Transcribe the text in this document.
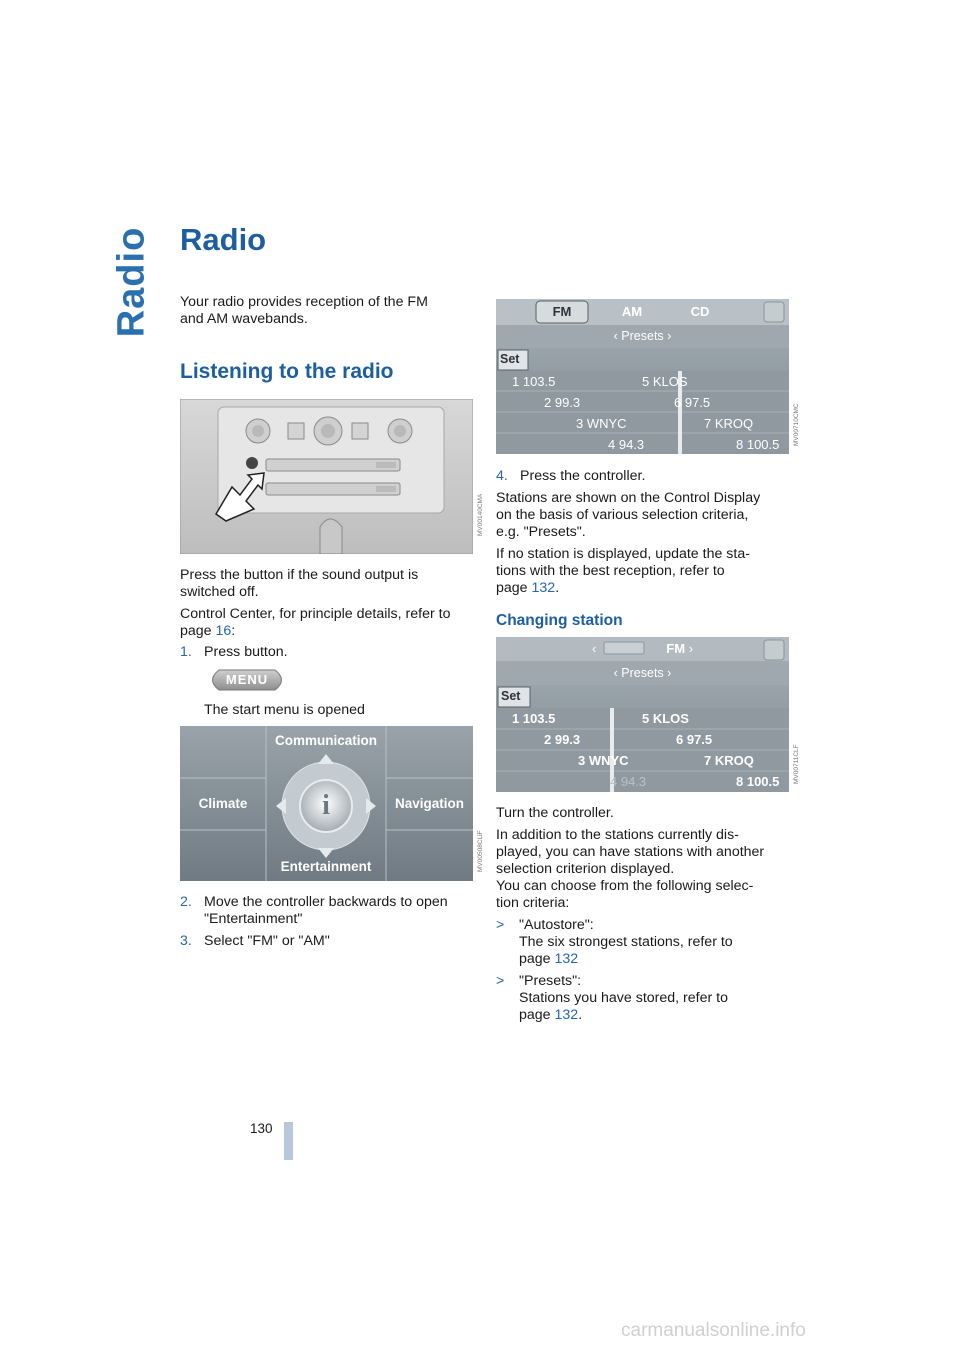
Radio Radio

Your radio provides reception of the FM

and AM wavebands.

Listening to the radio
MV00140CMA

Press the button if the sound output is

switched off.

Control Center, for principle details, refer to

page 16:

1. Press button.

MENU

The start menu is opened

i
Communication
Climate	Navigation
Entertainment	MV00508CLiF

2. Move the controller backwards to open

"Entertainment"

3. Select "FM" or "AM"

FM	AM	CD
‹ Presets ›
Set
1 103.5	5 KLOS
2 99.3	6 97.5
3 WNYC	7 KROQ
4 94.3	8 100.5 MV00710CMC

4. Press the controller.

Stations are shown on the Control Display

on the basis of various selection criteria,

e.g. "Presets".

If no station is displayed, update the sta-

tions with the best reception, refer to

page 132.

Changing station
‹	FM ›
‹ Presets ›
Set
1 103.5	5 KLOS
2 99.3	6 97.5
3 WNYC	7 KROQ
4 94.3	8 100.5 MV00711CLF

Turn the controller.

In addition to the stations currently dis-

played, you can have stations with another

selection criterion displayed.

You can choose from the following selec-

tion criteria:

> "Autostore":

The six strongest stations, refer to

page 132

> "Presets":

Stations you have stored, refer to

page 132.

130
carmanualsonline.info
